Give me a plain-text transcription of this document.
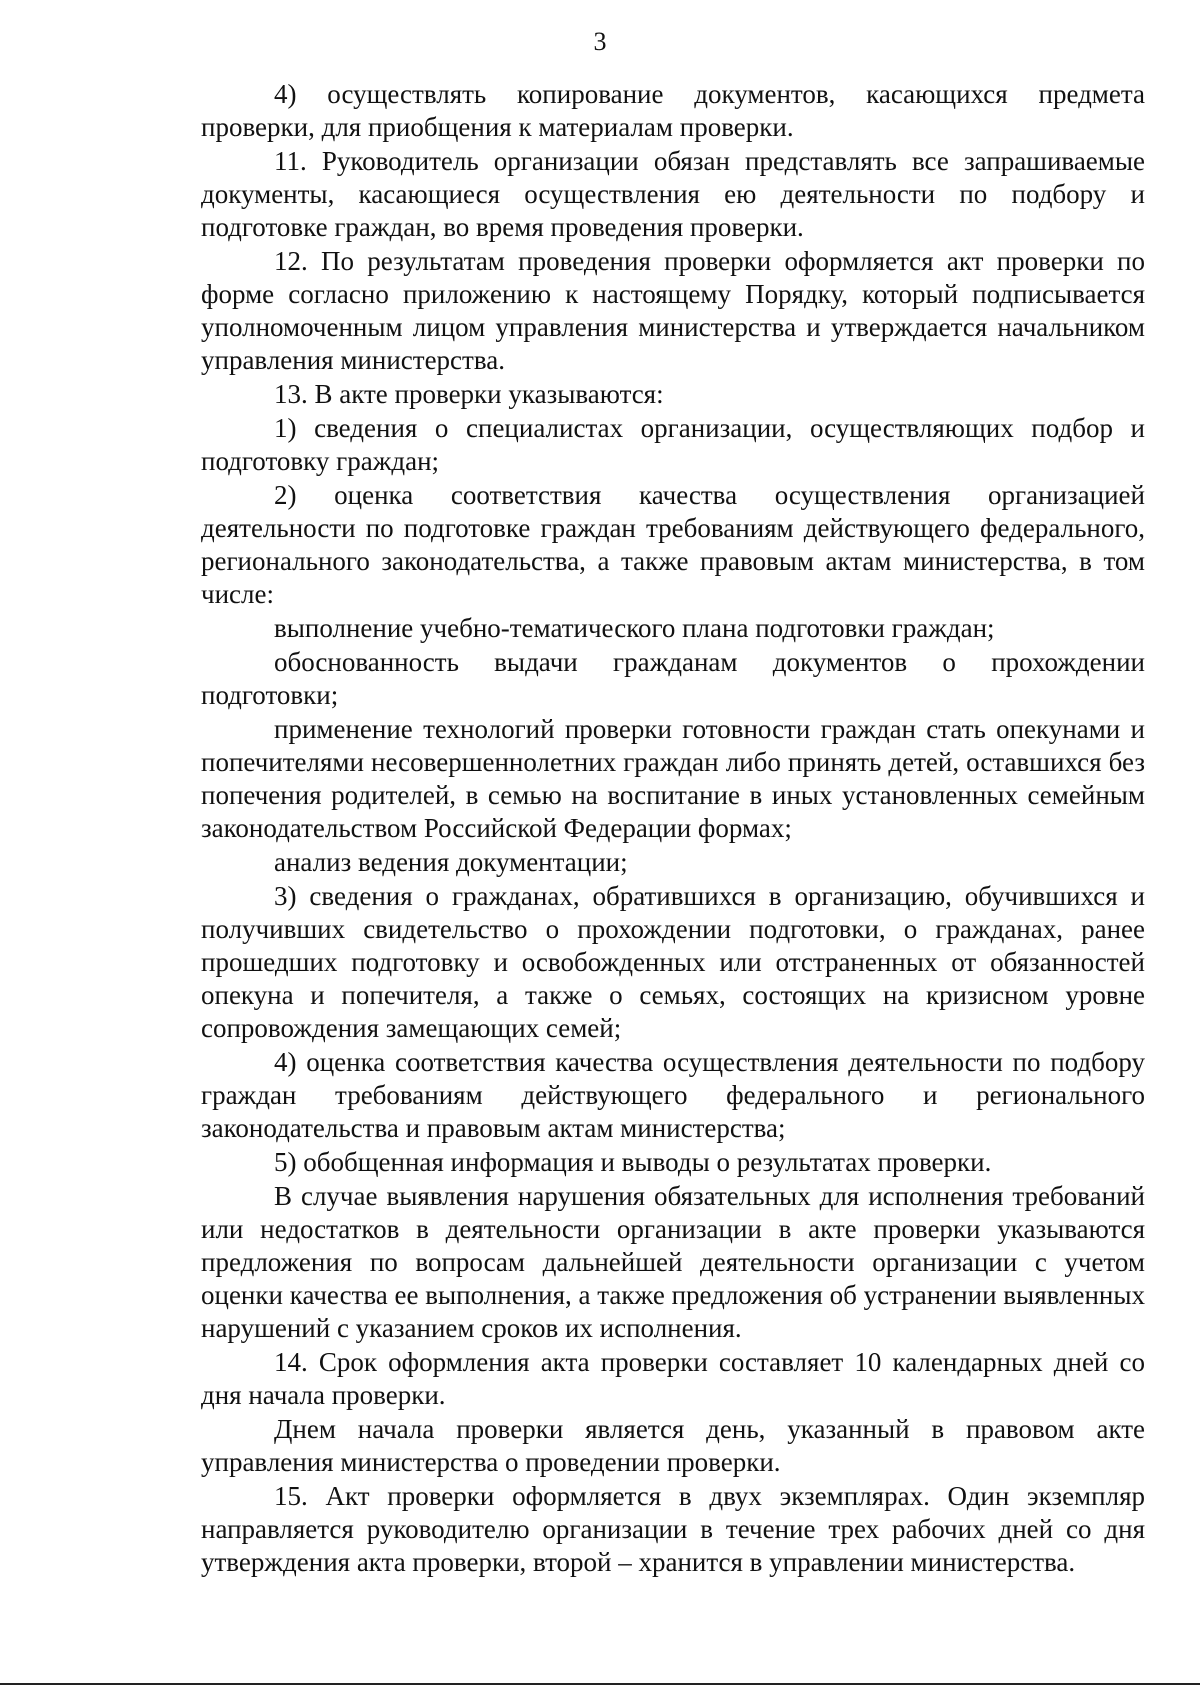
3

4) осуществлять копирование документов, касающихся предмета проверки, для приобщения к материалам проверки.

11. Руководитель организации обязан представлять все запрашиваемые документы, касающиеся осуществления ею деятельности по подбору и подготовке граждан, во время проведения проверки.

12. По результатам проведения проверки оформляется акт проверки по форме согласно приложению к настоящему Порядку, который подписывается уполномоченным лицом управления министерства и утверждается начальником управления министерства.

13. В акте проверки указываются:

1) сведения о специалистах организации, осуществляющих подбор и подготовку граждан;

2) оценка соответствия качества осуществления организацией деятельности по подготовке граждан требованиям действующего федерального, регионального законодательства, а также правовым актам министерства, в том числе:

выполнение учебно-тематического плана подготовки граждан;

обоснованность выдачи гражданам документов о прохождении подготовки;

применение технологий проверки готовности граждан стать опекунами и попечителями несовершеннолетних граждан либо принять детей, оставшихся без попечения родителей, в семью на воспитание в иных установленных семейным законодательством Российской Федерации формах;

анализ ведения документации;

3) сведения о гражданах, обратившихся в организацию, обучившихся и получивших свидетельство о прохождении подготовки, о гражданах, ранее прошедших подготовку и освобожденных или отстраненных от обязанностей опекуна и попечителя, а также о семьях, состоящих на кризисном уровне сопровождения замещающих семей;

4) оценка соответствия качества осуществления деятельности по подбору граждан требованиям действующего федерального и регионального законодательства и правовым актам министерства;

5) обобщенная информация и выводы о результатах проверки.

В случае выявления нарушения обязательных для исполнения требований или недостатков в деятельности организации в акте проверки указываются предложения по вопросам дальнейшей деятельности организации с учетом оценки качества ее выполнения, а также предложения об устранении выявленных нарушений с указанием сроков их исполнения.

14. Срок оформления акта проверки составляет 10 календарных дней со дня начала проверки.

Днем начала проверки является день, указанный в правовом акте управления министерства о проведении проверки.

15. Акт проверки оформляется в двух экземплярах. Один экземпляр направляется руководителю организации в течение трех рабочих дней со дня утверждения акта проверки, второй – хранится в управлении министерства.
